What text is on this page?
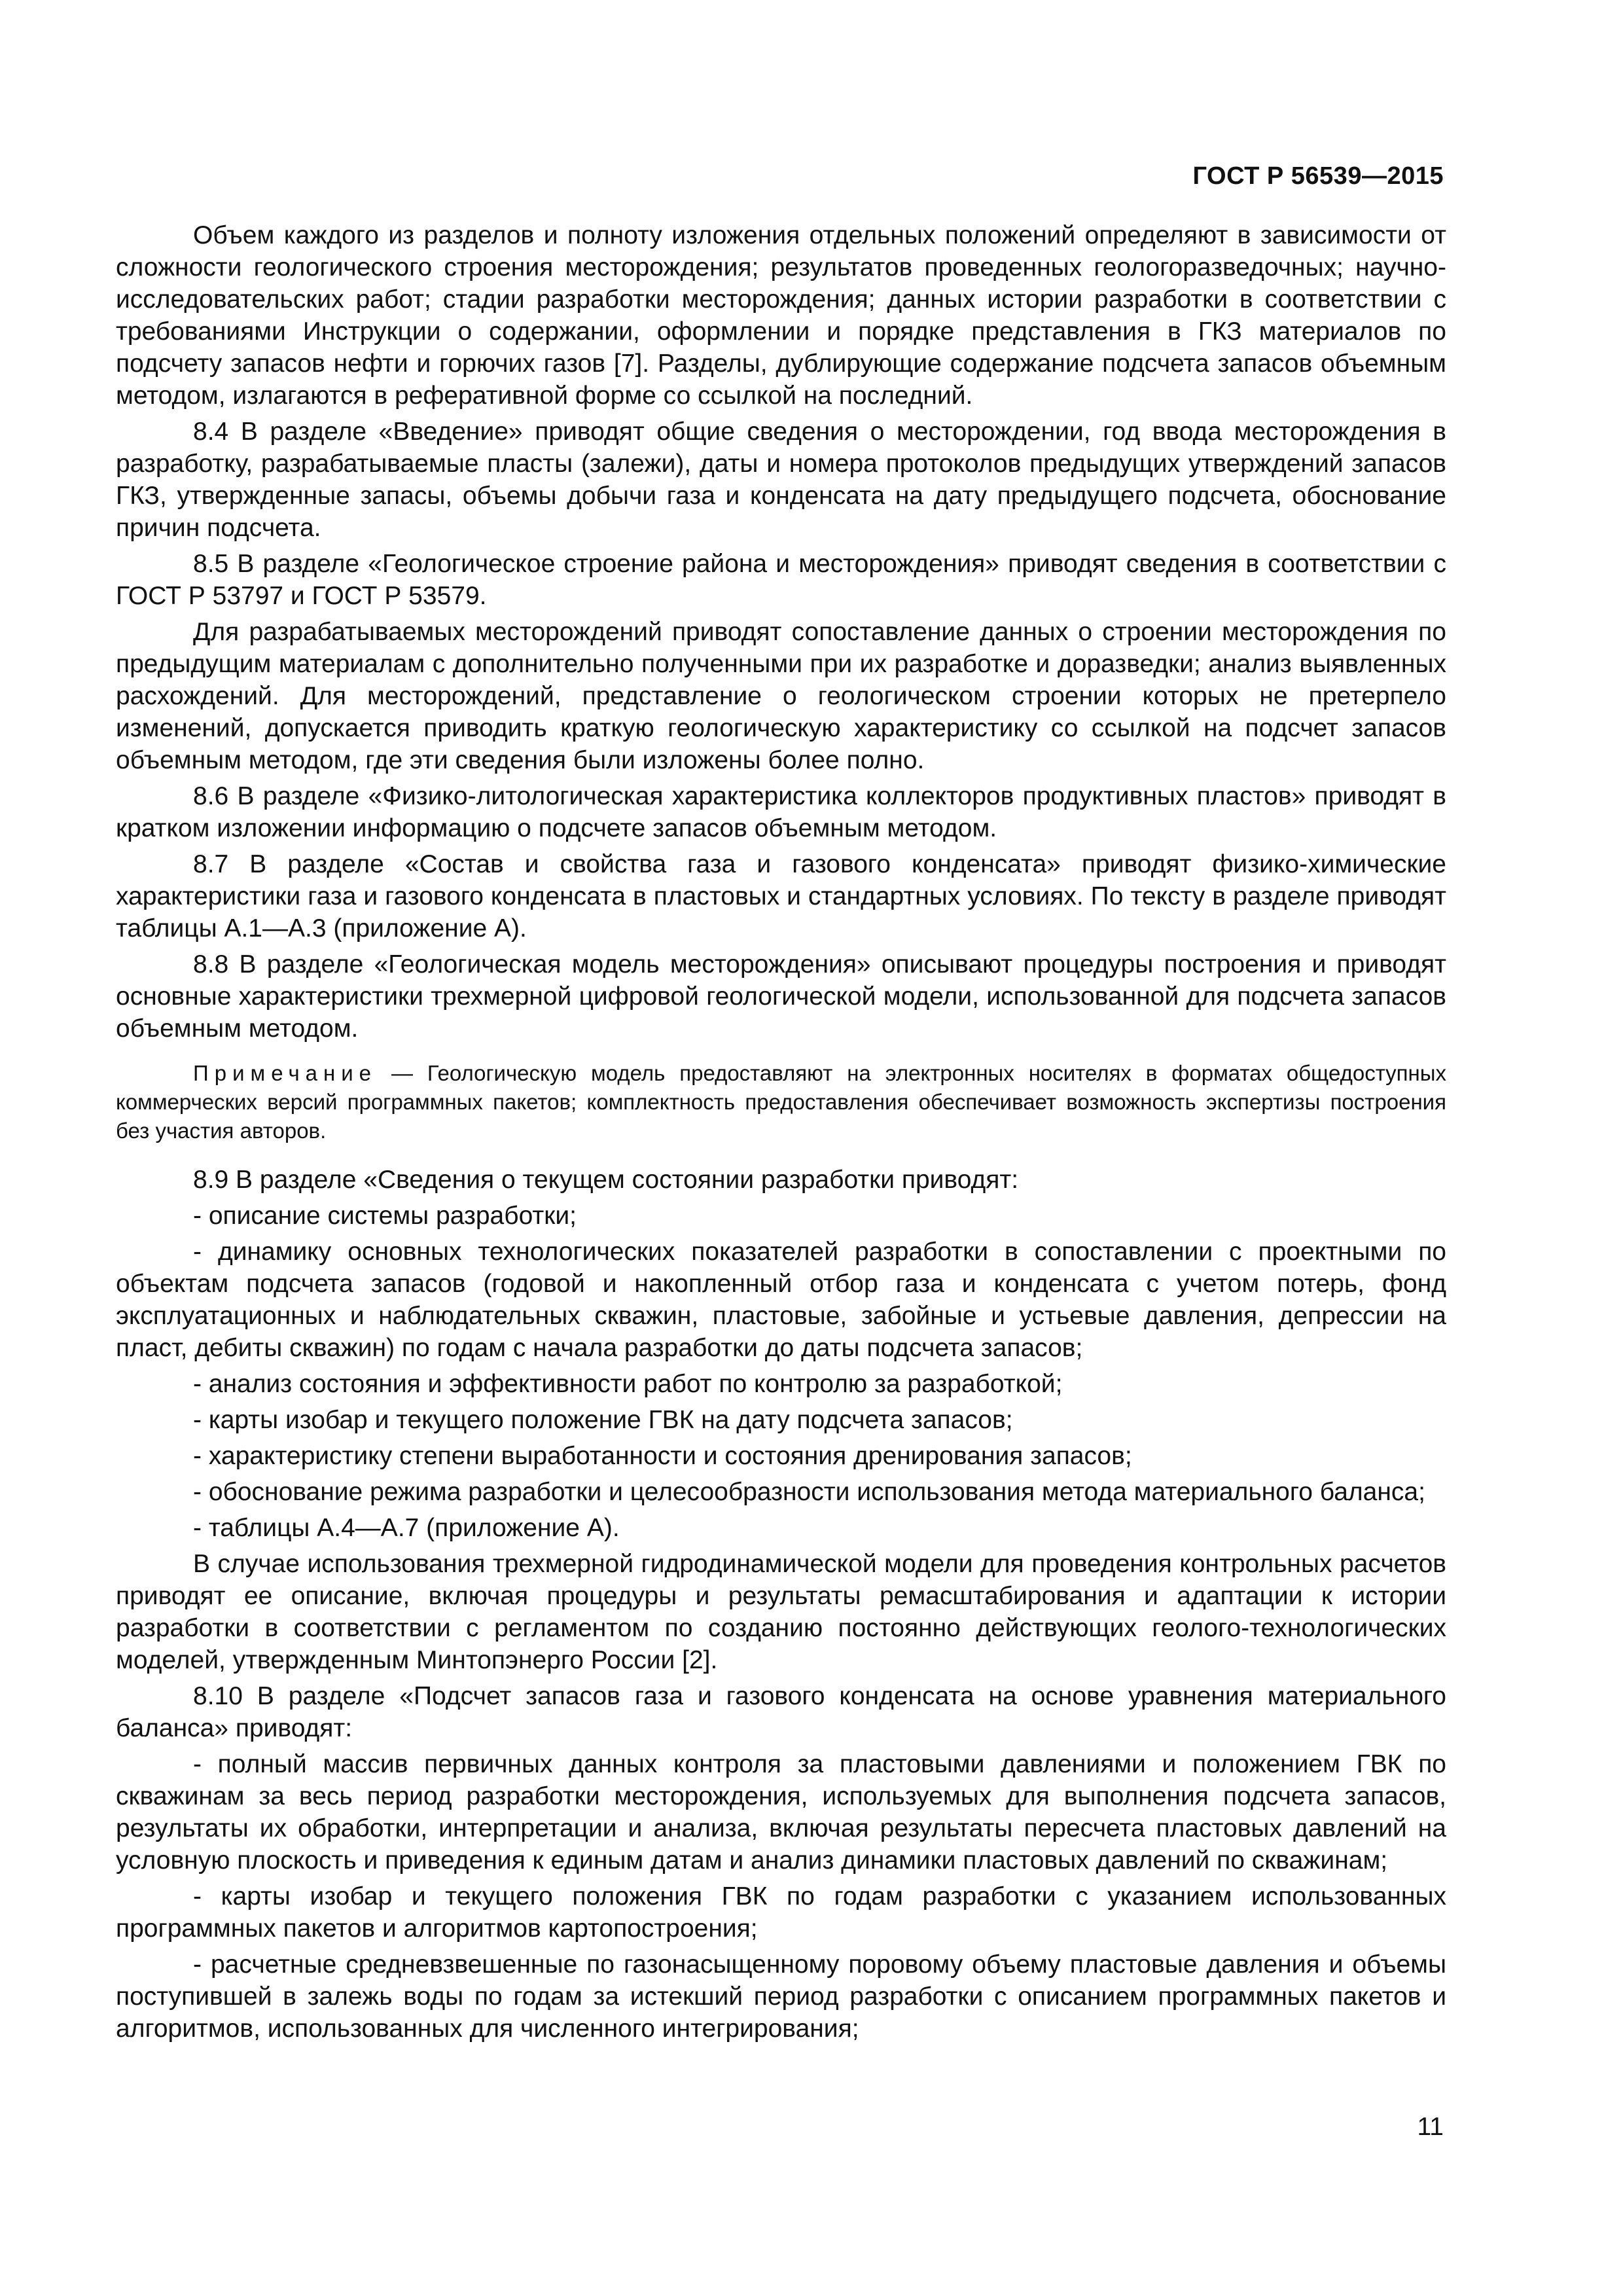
ГОСТ Р 56539—2015

Объем каждого из разделов и полноту изложения отдельных положений определяют в зависимости от сложности геологического строения месторождения; результатов проведенных геологоразведочных; научно-исследовательских работ; стадии разработки месторождения; данных истории разработки в соответствии с требованиями Инструкции о содержании, оформлении и порядке представления в ГКЗ материалов по подсчету запасов нефти и горючих газов [7]. Разделы, дублирующие содержание подсчета запасов объемным методом, излагаются в реферативной форме со ссылкой на последний.

8.4 В разделе «Введение» приводят общие сведения о месторождении, год ввода месторождения в разработку, разрабатываемые пласты (залежи), даты и номера протоколов предыдущих утверждений запасов ГКЗ, утвержденные запасы, объемы добычи газа и конденсата на дату предыдущего подсчета, обоснование причин подсчета.

8.5 В разделе «Геологическое строение района и месторождения» приводят сведения в соответствии с ГОСТ Р 53797 и ГОСТ Р 53579.

Для разрабатываемых месторождений приводят сопоставление данных о строении месторождения по предыдущим материалам с дополнительно полученными при их разработке и доразведки; анализ выявленных расхождений. Для месторождений, представление о геологическом строении которых не претерпело изменений, допускается приводить краткую геологическую характеристику со ссылкой на подсчет запасов объемным методом, где эти сведения были изложены более полно.

8.6 В разделе «Физико-литологическая характеристика коллекторов продуктивных пластов» приводят в кратком изложении информацию о подсчете запасов объемным методом.

8.7 В разделе «Состав и свойства газа и газового конденсата» приводят физико-химические характеристики газа и газового конденсата в пластовых и стандартных условиях. По тексту в разделе приводят таблицы А.1—А.3 (приложение А).

8.8 В разделе «Геологическая модель месторождения» описывают процедуры построения и приводят основные характеристики трехмерной цифровой геологической модели, использованной для подсчета запасов объемным методом.

Примечание — Геологическую модель предоставляют на электронных носителях в форматах общедоступных коммерческих версий программных пакетов; комплектность предоставления обеспечивает возможность экспертизы построения без участия авторов.

8.9 В разделе «Сведения о текущем состоянии разработки приводят:

- описание системы разработки;

- динамику основных технологических показателей разработки в сопоставлении с проектными по объектам подсчета запасов (годовой и накопленный отбор газа и конденсата с учетом потерь, фонд эксплуатационных и наблюдательных скважин, пластовые, забойные и устьевые давления, депрессии на пласт, дебиты скважин) по годам с начала разработки до даты подсчета запасов;

- анализ состояния и эффективности работ по контролю за разработкой;

- карты изобар и текущего положение ГВК на дату подсчета запасов;

- характеристику степени выработанности и состояния дренирования запасов;

- обоснование режима разработки и целесообразности использования метода материального баланса;

- таблицы А.4—А.7 (приложение А).

В случае использования трехмерной гидродинамической модели для проведения контрольных расчетов приводят ее описание, включая процедуры и результаты ремасштабирования и адаптации к истории разработки в соответствии с регламентом по созданию постоянно действующих геолого-технологических моделей, утвержденным Минтопэнерго России [2].

8.10 В разделе «Подсчет запасов газа и газового конденсата на основе уравнения материального баланса» приводят:

- полный массив первичных данных контроля за пластовыми давлениями и положением ГВК по скважинам за весь период разработки месторождения, используемых для выполнения подсчета запасов, результаты их обработки, интерпретации и анализа, включая результаты пересчета пластовых давлений на условную плоскость и приведения к единым датам и анализ динамики пластовых давлений по скважинам;

- карты изобар и текущего положения ГВК по годам разработки с указанием использованных программных пакетов и алгоритмов картопостроения;

- расчетные средневзвешенные по газонасыщенному поровому объему пластовые давления и объемы поступившей в залежь воды по годам за истекший период разработки с описанием программных пакетов и алгоритмов, использованных для численного интегрирования;

11
